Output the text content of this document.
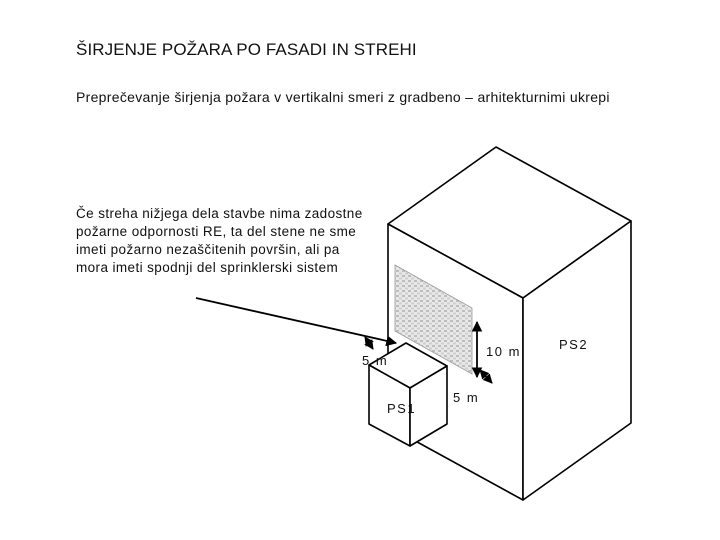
ŠIRJENJE POŽARA PO FASADI IN STREHI
Preprečevanje širjenja požara v vertikalni smeri z gradbeno – arhitekturnimi ukrepi
Če streha nižjega dela stavbe nima zadostne
požarne odpornosti RE, ta del stene ne sme
imeti požarno nezaščitenih površin, ali pa
mora imeti spodnji del sprinklerski sistem
PS1
PS2
10 m
5 m
5 m
